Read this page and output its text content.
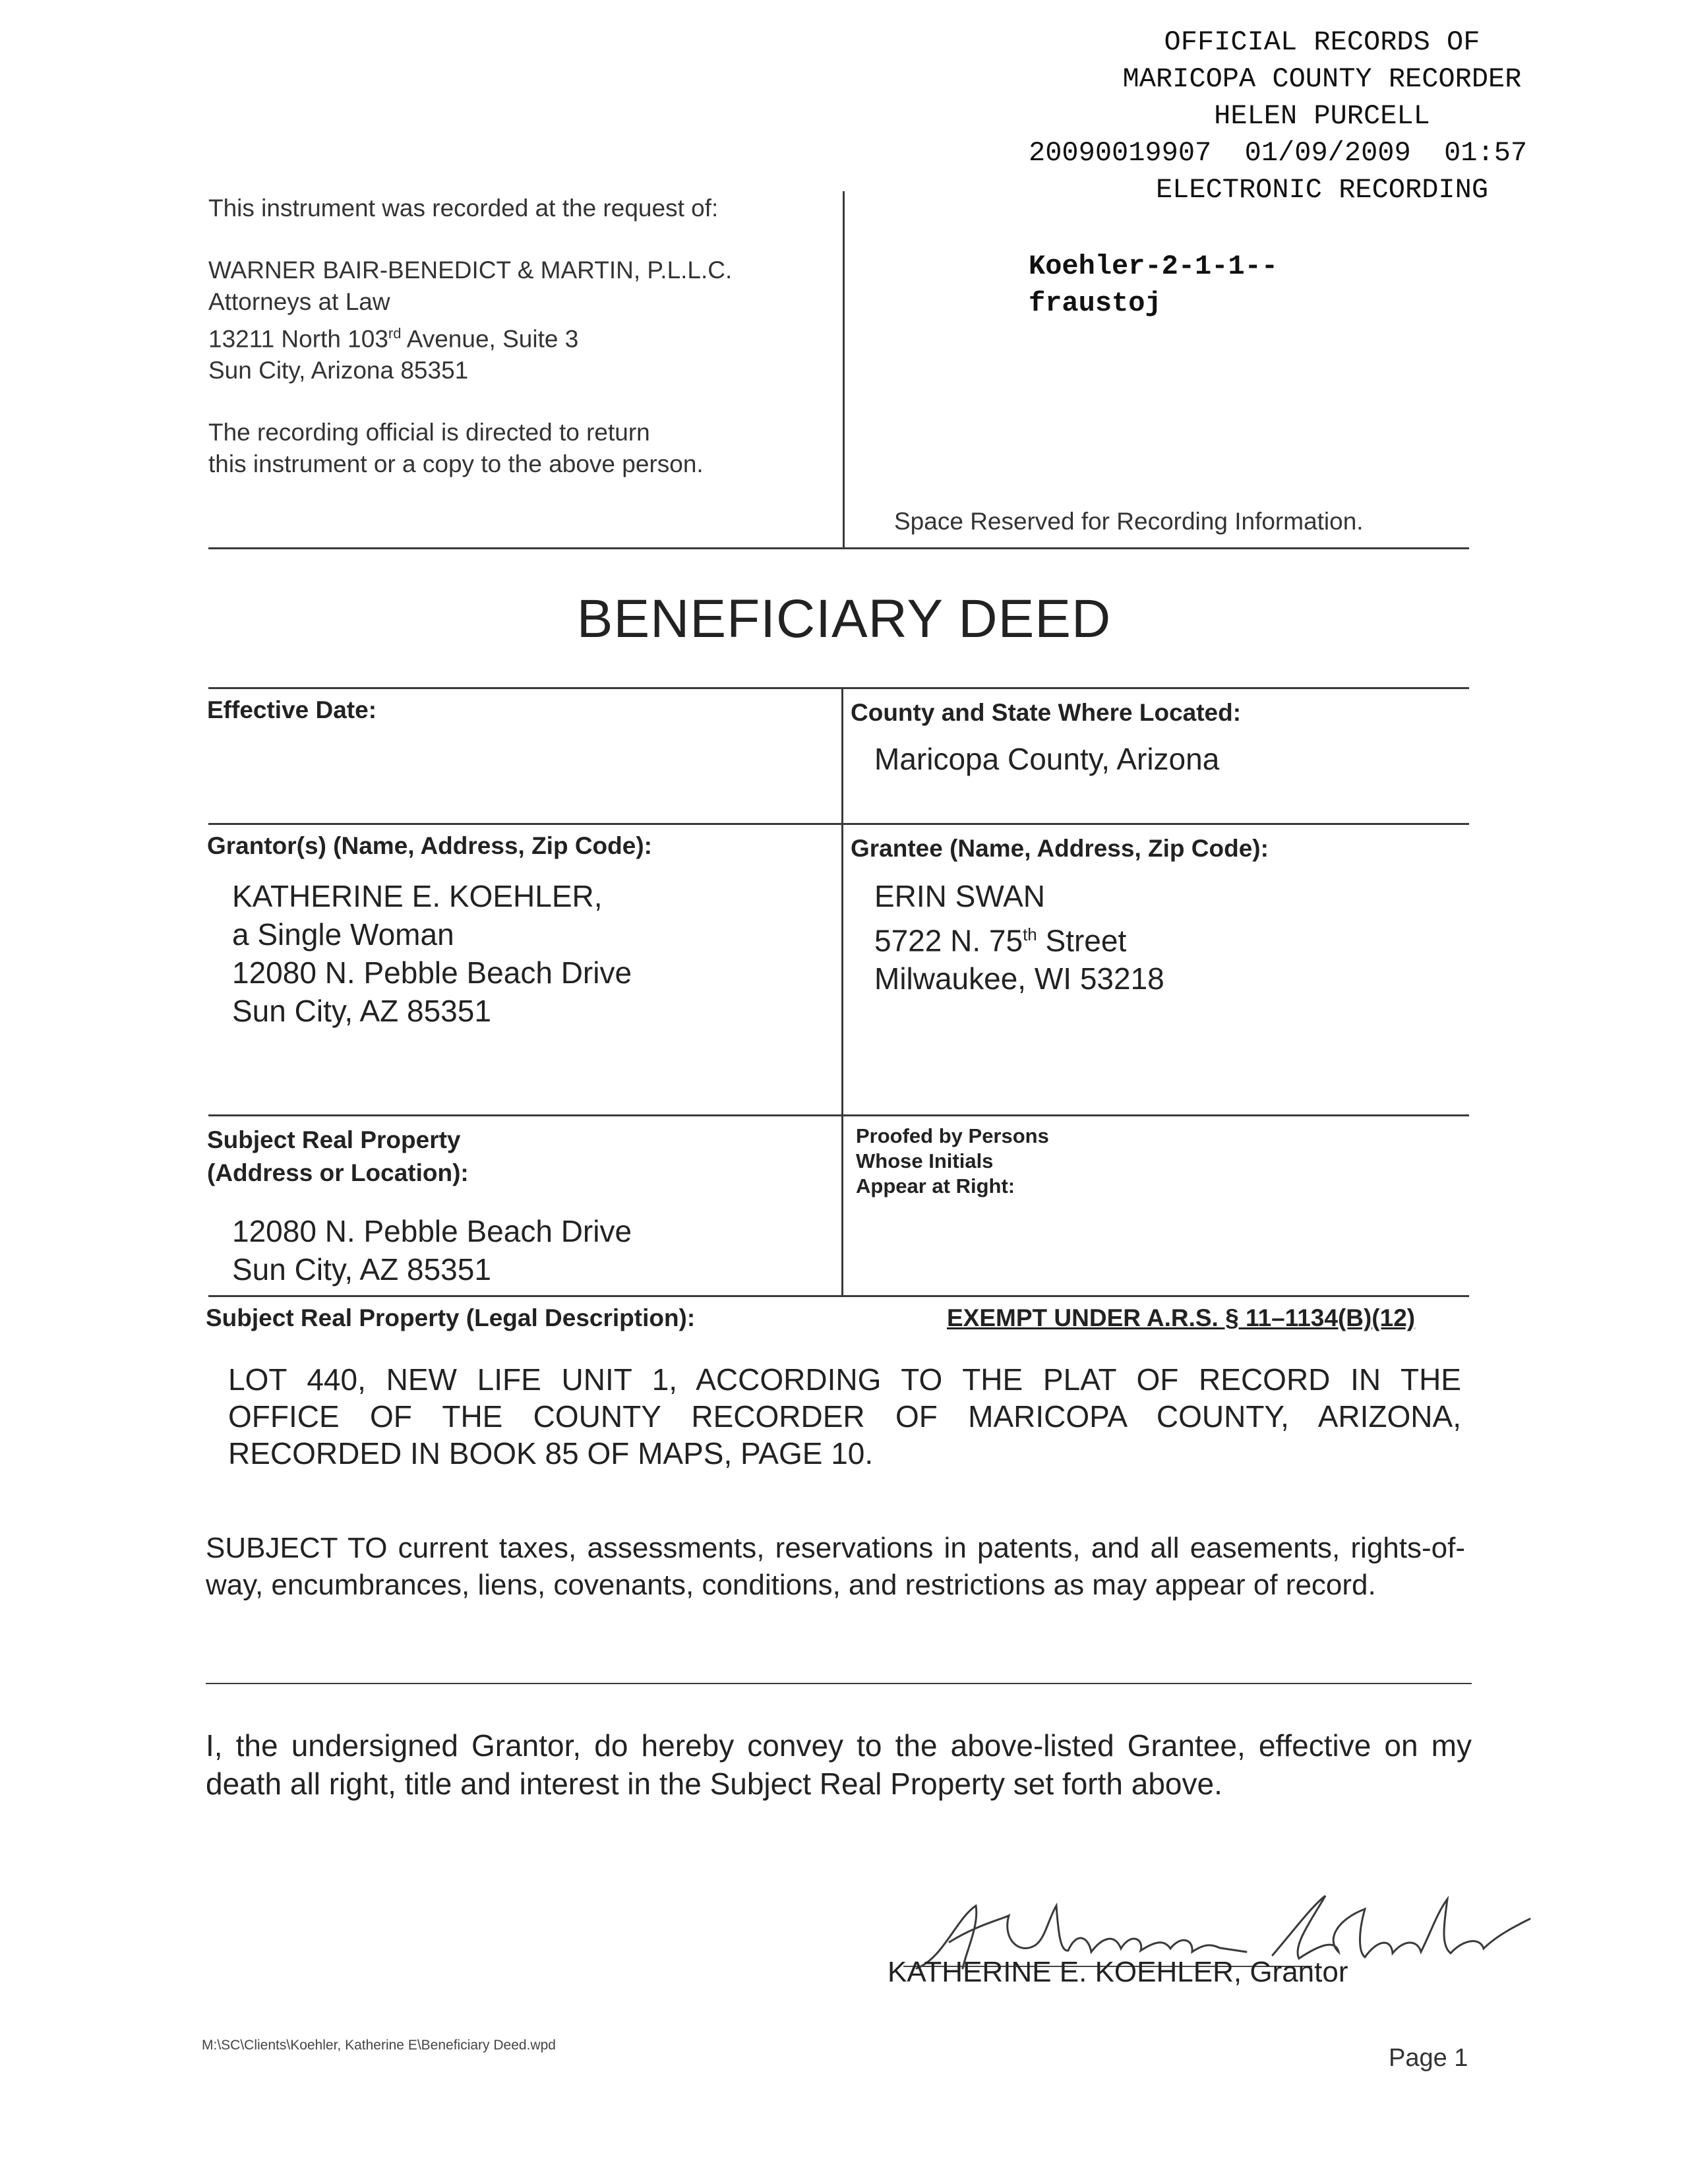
OFFICIAL RECORDS OF
MARICOPA COUNTY RECORDER
HELEN PURCELL
20090019907  01/09/2009  01:57
ELECTRONIC RECORDING
Koehler-2-1-1--
fraustoj
This instrument was recorded at the request of:
WARNER BAIR-BENEDICT & MARTIN, P.L.L.C.
Attorneys at Law
13211 North 103rd Avenue, Suite 3
Sun City, Arizona 85351
The recording official is directed to return
this instrument or a copy to the above person.
Space Reserved for Recording Information.
BENEFICIARY DEED
Effective Date:	County and State Where Located:
Maricopa County, Arizona
Grantor(s) (Name, Address, Zip Code):
KATHERINE E. KOEHLER,
a Single Woman
12080 N. Pebble Beach Drive
Sun City, AZ 85351
Grantee (Name, Address, Zip Code):
ERIN SWAN
5722 N. 75th Street
Milwaukee, WI 53218
Subject Real Property
(Address or Location):
12080 N. Pebble Beach Drive
Sun City, AZ 85351
Proofed by Persons
Whose Initials
Appear at Right:
Subject Real Property (Legal Description):	EXEMPT UNDER A.R.S. § 11–1134(B)(12)
LOT 440, NEW LIFE UNIT 1, ACCORDING TO THE PLAT OF RECORD IN THE
OFFICE OF THE COUNTY RECORDER OF MARICOPA COUNTY, ARIZONA,
RECORDED IN BOOK 85 OF MAPS, PAGE 10.
SUBJECT TO current taxes, assessments, reservations in patents, and all easements, rights-of-way, encumbrances, liens, covenants, conditions, and restrictions as may appear of record.
I, the undersigned Grantor, do hereby convey to the above-listed Grantee, effective on my death all right, title and interest in the Subject Real Property set forth above.
KATHERINE E. KOEHLER, Grantor
M:\SC\Clients\Koehler, Katherine E\Beneficiary Deed.wpd	Page 1
